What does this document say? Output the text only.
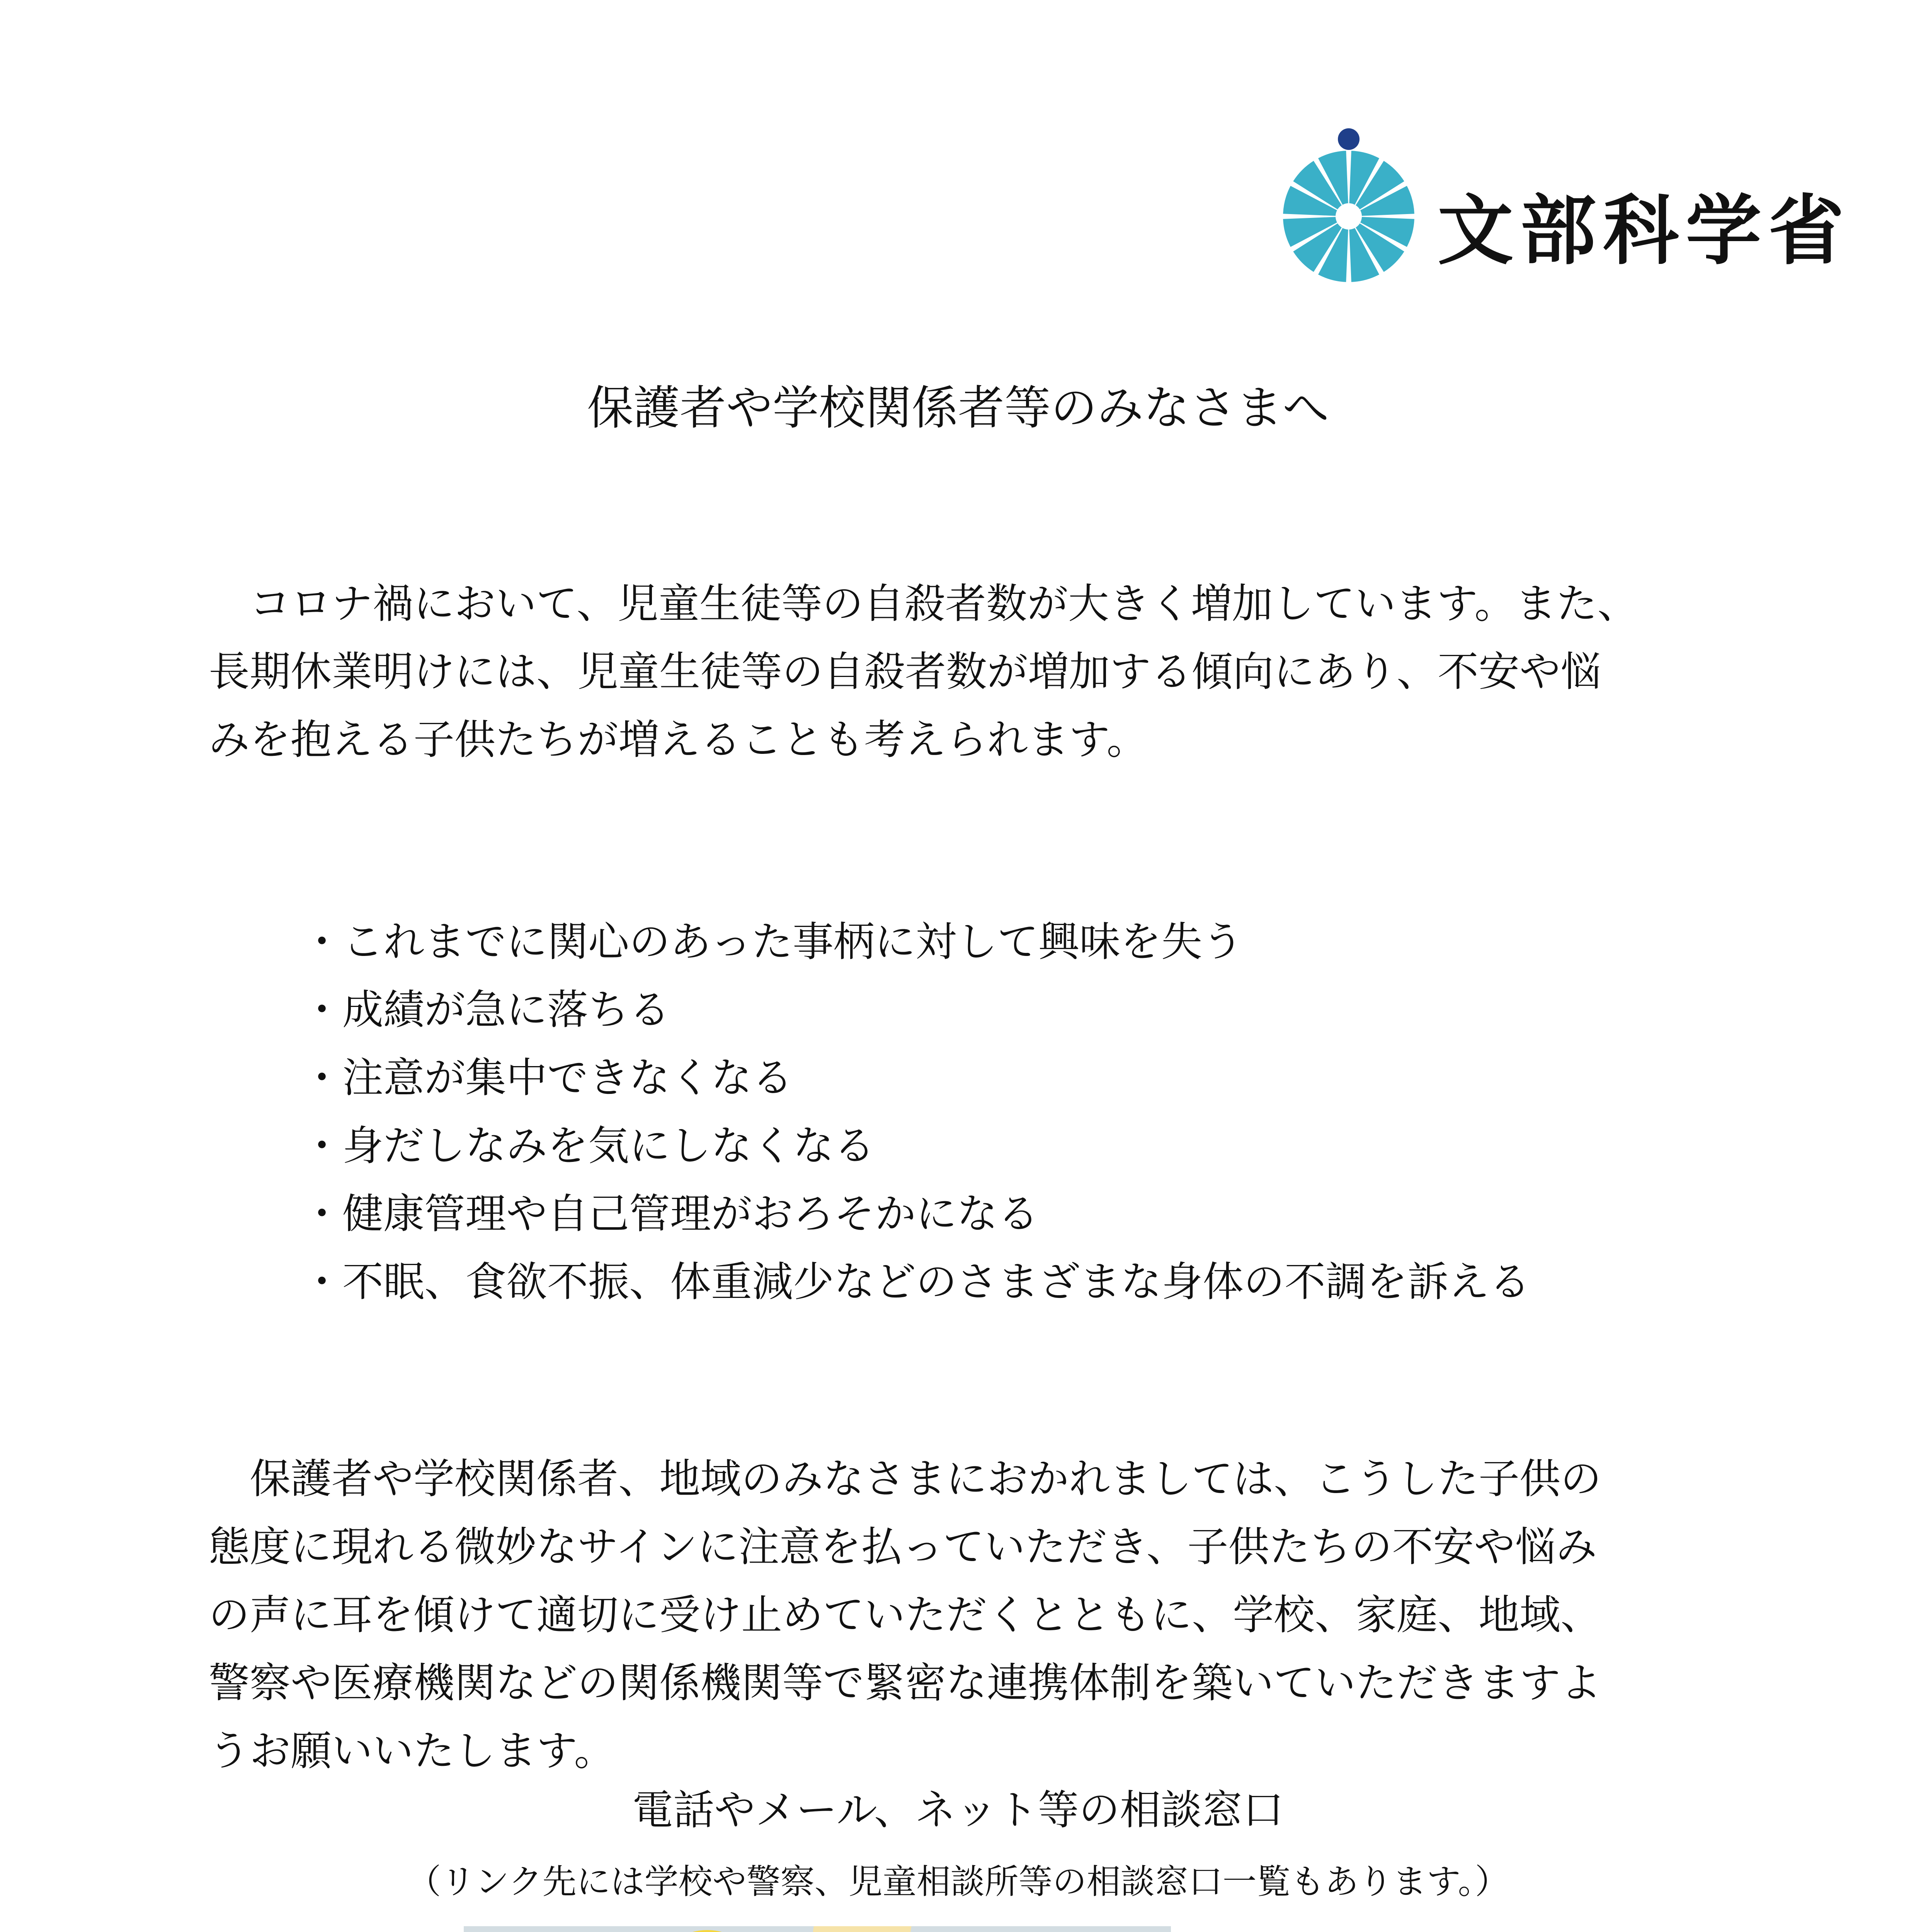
文部科学省
保護者や学校関係者等のみなさまへ

　コロナ禍において、児童生徒等の自殺者数が大きく増加しています。また、

長期休業明けには、児童生徒等の自殺者数が増加する傾向にあり、不安や悩

みを抱える子供たちが増えることも考えられます。

・これまでに関心のあった事柄に対して興味を失う
・成績が急に落ちる
・注意が集中できなくなる
・身だしなみを気にしなくなる
・健康管理や自己管理がおろそかになる
・不眠、食欲不振、体重減少などのさまざまな身体の不調を訴える

　保護者や学校関係者、地域のみなさまにおかれましては、こうした子供の

態度に現れる微妙なサインに注意を払っていただき、子供たちの不安や悩み

の声に耳を傾けて適切に受け止めていただくとともに、学校、家庭、地域、

警察や医療機関などの関係機関等で緊密な連携体制を築いていただきますよ

うお願いいたします。

電話やメール、ネット等の相談窓口
（リンク先には学校や警察、児童相談所等の相談窓口一覧もあります。）
